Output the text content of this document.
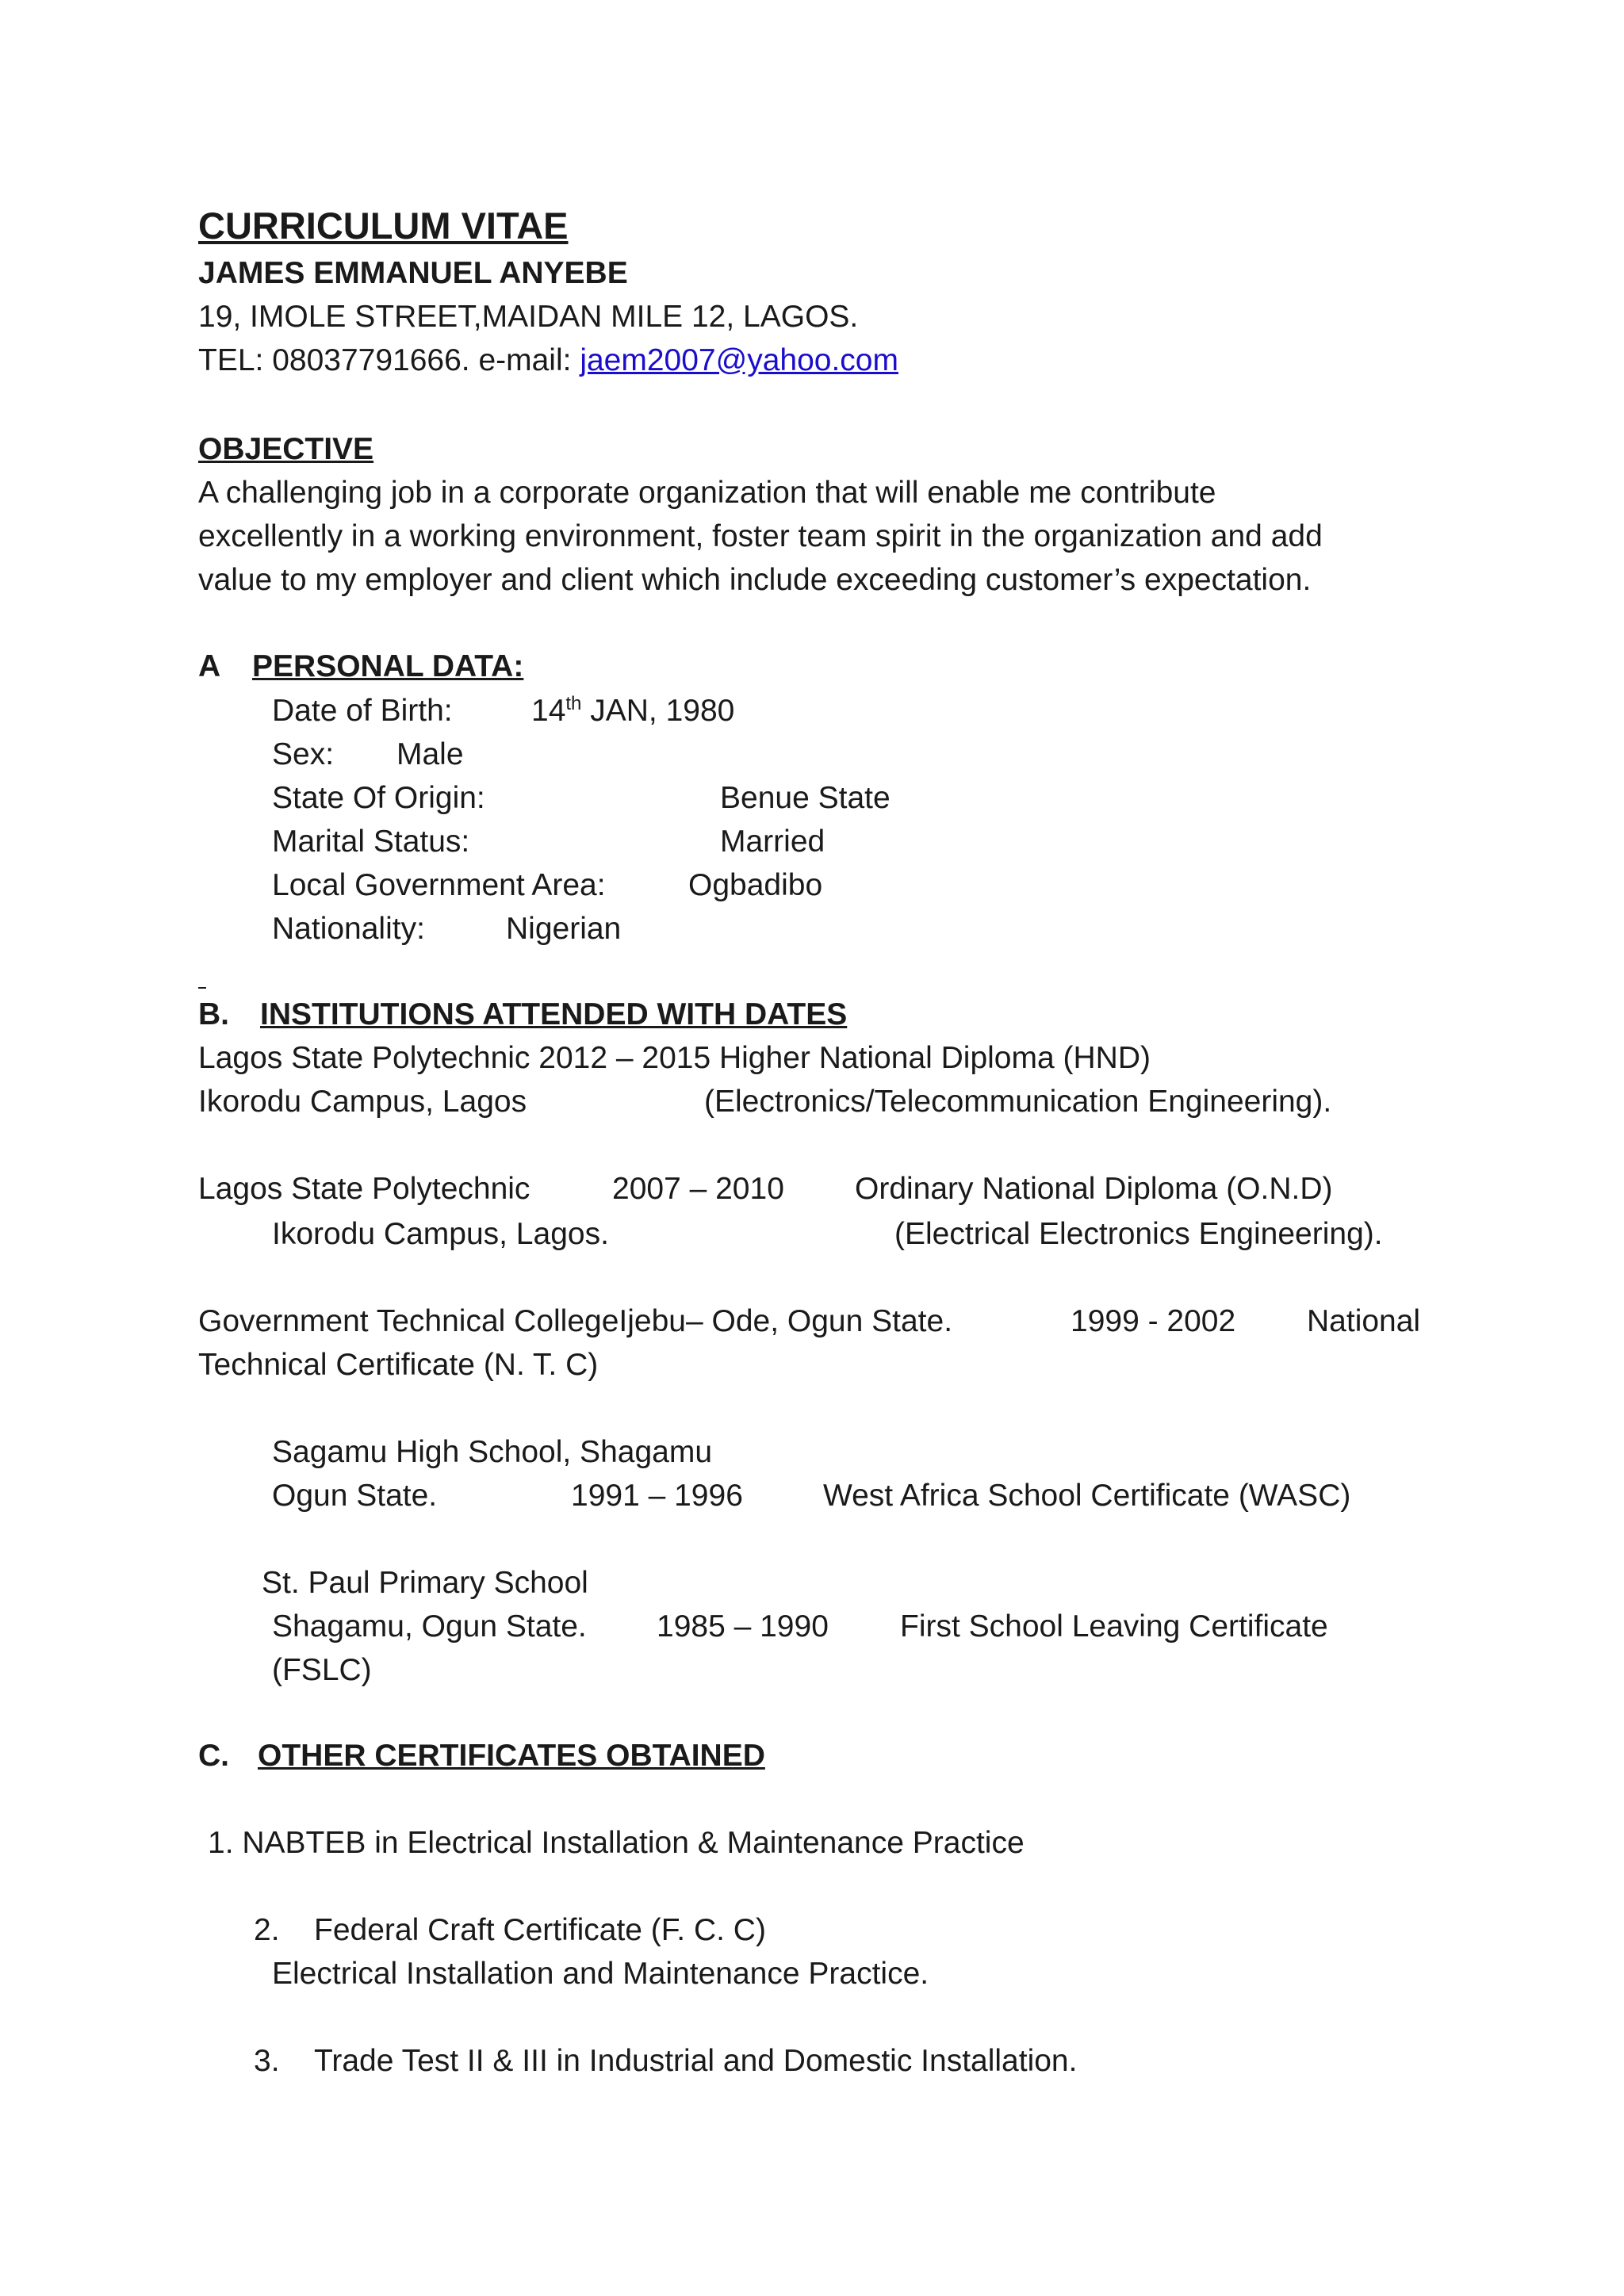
CURRICULUM VITAE
JAMES EMMANUEL ANYEBE
19, IMOLE STREET,MAIDAN MILE 12, LAGOS.
TEL: 08037791666. e-mail: jaem2007@yahoo.com
OBJECTIVE
A challenging job in a corporate organization that will enable me contribute
excellently in a working environment, foster team spirit in the organization and add
value to my employer and client which include exceeding customer’s expectation.
A PERSONAL DATA:
Date of Birth:	14th JAN, 1980
Sex: Male
State Of Origin:	Benue State
Marital Status:	Married
Local Government Area:	Ogbadibo
Nationality:	Nigerian
B. INSTITUTIONS ATTENDED WITH DATES
Lagos State Polytechnic 2012 – 2015 Higher National Diploma (HND)
Ikorodu Campus, Lagos	(Electronics/Telecommunication Engineering).
Lagos State Polytechnic	2007 – 2010 Ordinary National Diploma (O.N.D)
Ikorodu Campus, Lagos.	(Electrical Electronics Engineering).
Government Technical CollegeIjebu– Ode, Ogun State.	1999 - 2002 National
Technical Certificate (N. T. C)
Sagamu High School, Shagamu
Ogun State.	1991 – 1996	West Africa School Certificate (WASC)
St. Paul Primary School
Shagamu, Ogun State. 1985 – 1990 First School Leaving Certificate
(FSLC)
C. OTHER CERTIFICATES OBTAINED
1. NABTEB in Electrical Installation & Maintenance Practice
2. Federal Craft Certificate (F. C. C)
Electrical Installation and Maintenance Practice.
3. Trade Test II & III in Industrial and Domestic Installation.
